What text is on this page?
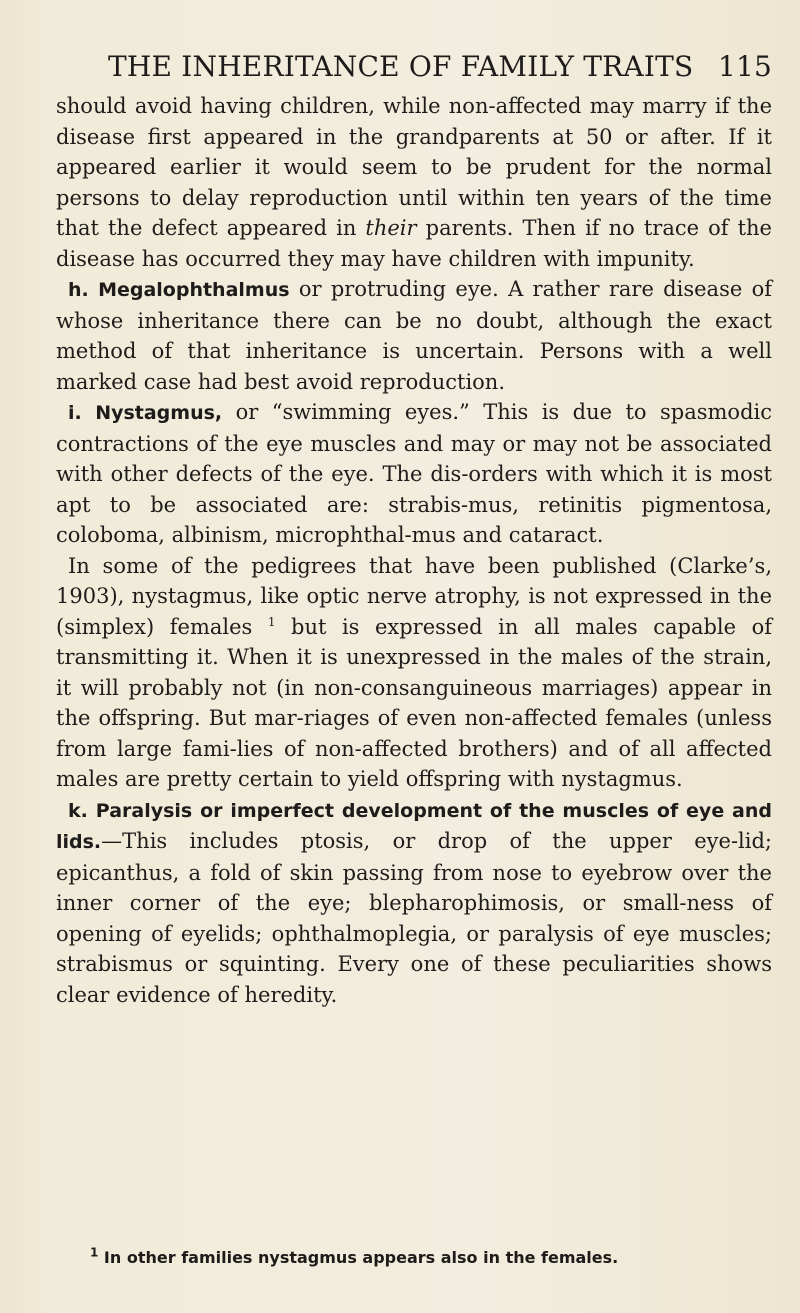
THE INHERITANCE OF FAMILY TRAITS 115

should avoid having children, while non-affected may marry if the disease first appeared in the grandparents at 50 or after. If it appeared earlier it would seem to be prudent for the normal persons to delay reproduction until within ten years of the time that the defect appeared in their parents. Then if no trace of the disease has occurred they may have children with impunity.

h. Megalophthalmus or protruding eye. A rather rare disease of whose inheritance there can be no doubt, although the exact method of that inheritance is uncertain. Persons with a well marked case had best avoid reproduction.

i. Nystagmus, or “swimming eyes.” This is due to spasmodic contractions of the eye muscles and may or may not be associated with other defects of the eye. The dis-orders with which it is most apt to be associated are: strabis-mus, retinitis pigmentosa, coloboma, albinism, microphthal-mus and cataract.

In some of the pedigrees that have been published (Clarke’s, 1903), nystagmus, like optic nerve atrophy, is not expressed in the (simplex) females $^1$ but is expressed in all males capable of transmitting it. When it is unexpressed in the males of the strain, it will probably not (in non-consanguineous marriages) appear in the offspring. But mar-riages of even non-affected females (unless from large fami-lies of non-affected brothers) and of all affected males are pretty certain to yield offspring with nystagmus.

k. Paralysis or imperfect development of the muscles of eye and lids.—This includes ptosis, or drop of the upper eye-lid; epicanthus, a fold of skin passing from nose to eyebrow over the inner corner of the eye; blepharophimosis, or small-ness of opening of eyelids; ophthalmoplegia, or paralysis of eye muscles; strabismus or squinting. Every one of these peculiarities shows clear evidence of heredity.

$^1$ In other families nystagmus appears also in the females.
